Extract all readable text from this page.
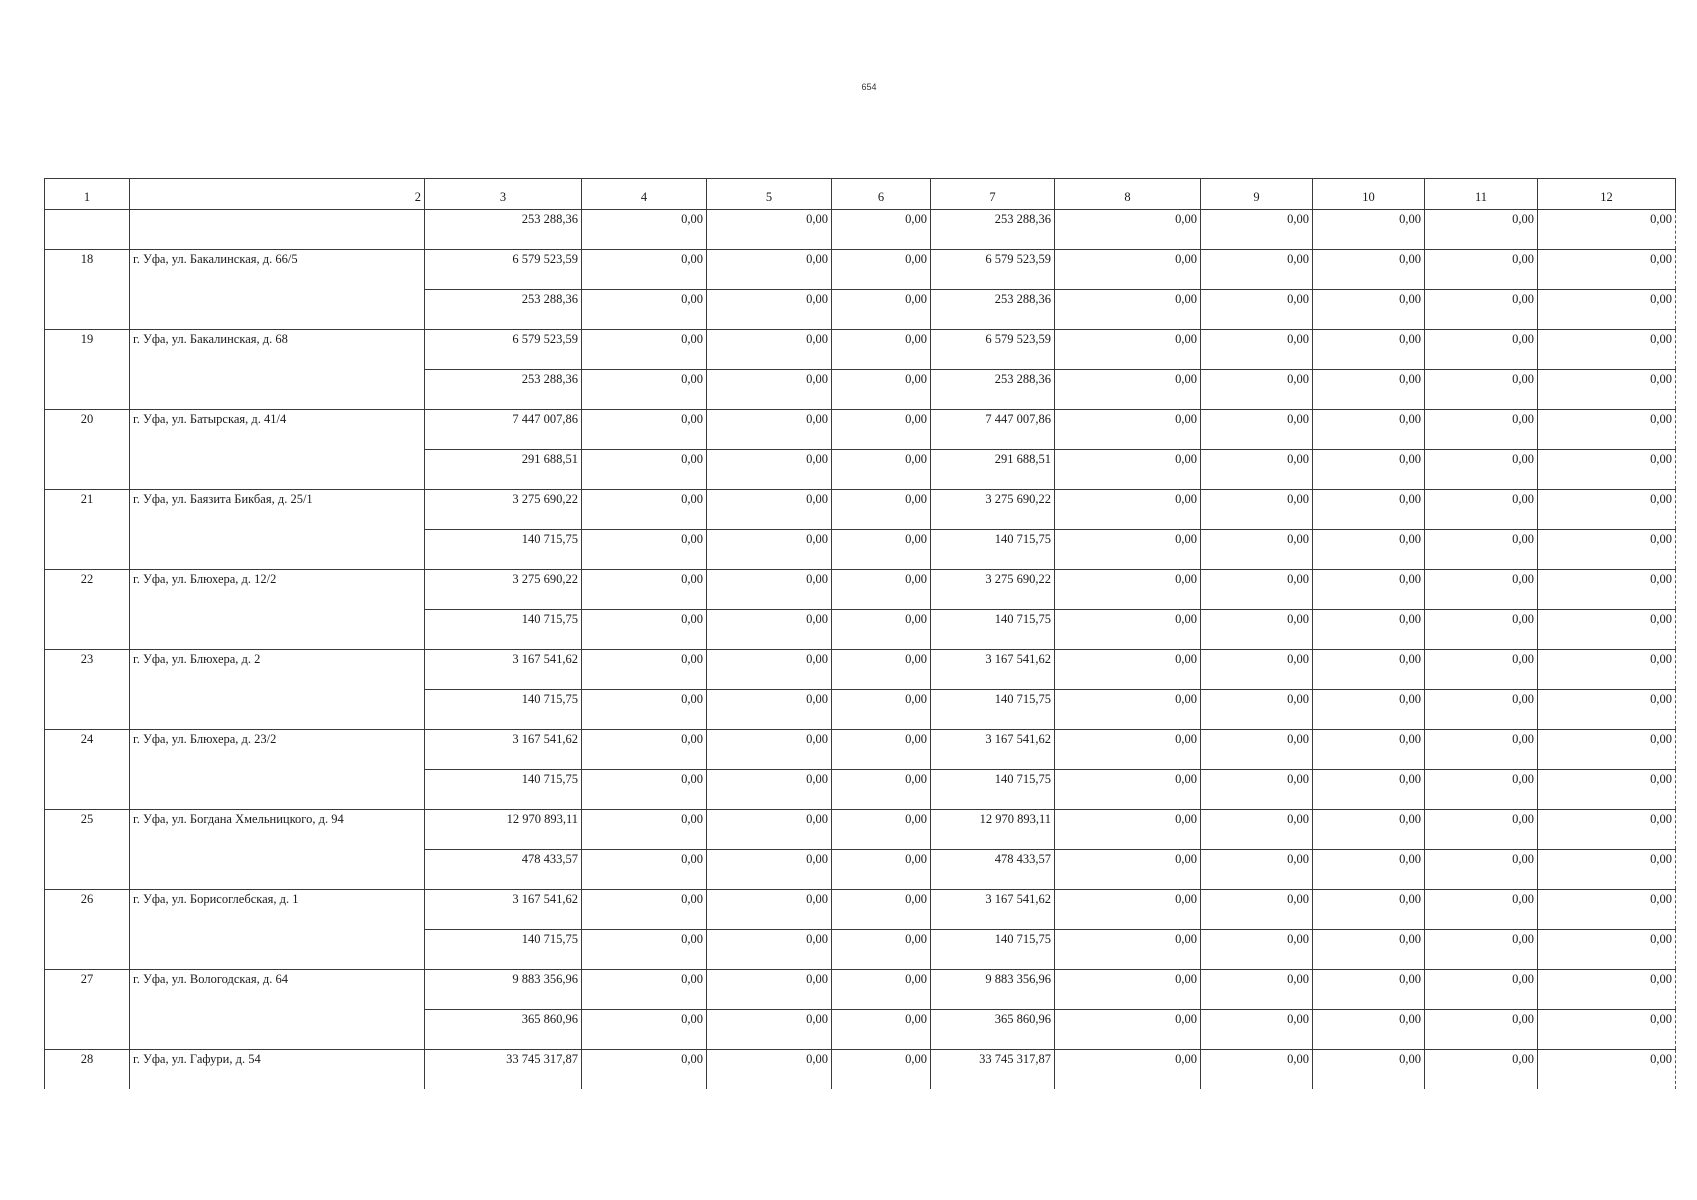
654
1	2	3	4	5	6	7	8	9	10	11	12
		253 288,36	0,00	0,00	0,00	253 288,36	0,00	0,00	0,00	0,00	0,00
18	г. Уфа, ул. Бакалинская, д. 66/5	6 579 523,59	0,00	0,00	0,00	6 579 523,59	0,00	0,00	0,00	0,00	0,00
		253 288,36	0,00	0,00	0,00	253 288,36	0,00	0,00	0,00	0,00	0,00
19	г. Уфа, ул. Бакалинская, д. 68	6 579 523,59	0,00	0,00	0,00	6 579 523,59	0,00	0,00	0,00	0,00	0,00
		253 288,36	0,00	0,00	0,00	253 288,36	0,00	0,00	0,00	0,00	0,00
20	г. Уфа, ул. Батырская, д. 41/4	7 447 007,86	0,00	0,00	0,00	7 447 007,86	0,00	0,00	0,00	0,00	0,00
		291 688,51	0,00	0,00	0,00	291 688,51	0,00	0,00	0,00	0,00	0,00
21	г. Уфа, ул. Баязита Бикбая, д. 25/1	3 275 690,22	0,00	0,00	0,00	3 275 690,22	0,00	0,00	0,00	0,00	0,00
		140 715,75	0,00	0,00	0,00	140 715,75	0,00	0,00	0,00	0,00	0,00
22	г. Уфа, ул. Блюхера, д. 12/2	3 275 690,22	0,00	0,00	0,00	3 275 690,22	0,00	0,00	0,00	0,00	0,00
		140 715,75	0,00	0,00	0,00	140 715,75	0,00	0,00	0,00	0,00	0,00
23	г. Уфа, ул. Блюхера, д. 2	3 167 541,62	0,00	0,00	0,00	3 167 541,62	0,00	0,00	0,00	0,00	0,00
		140 715,75	0,00	0,00	0,00	140 715,75	0,00	0,00	0,00	0,00	0,00
24	г. Уфа, ул. Блюхера, д. 23/2	3 167 541,62	0,00	0,00	0,00	3 167 541,62	0,00	0,00	0,00	0,00	0,00
		140 715,75	0,00	0,00	0,00	140 715,75	0,00	0,00	0,00	0,00	0,00
25	г. Уфа, ул. Богдана Хмельницкого, д. 94	12 970 893,11	0,00	0,00	0,00	12 970 893,11	0,00	0,00	0,00	0,00	0,00
		478 433,57	0,00	0,00	0,00	478 433,57	0,00	0,00	0,00	0,00	0,00
26	г. Уфа, ул. Борисоглебская, д. 1	3 167 541,62	0,00	0,00	0,00	3 167 541,62	0,00	0,00	0,00	0,00	0,00
		140 715,75	0,00	0,00	0,00	140 715,75	0,00	0,00	0,00	0,00	0,00
27	г. Уфа, ул. Вологодская, д. 64	9 883 356,96	0,00	0,00	0,00	9 883 356,96	0,00	0,00	0,00	0,00	0,00
		365 860,96	0,00	0,00	0,00	365 860,96	0,00	0,00	0,00	0,00	0,00
28	г. Уфа, ул. Гафури, д. 54	33 745 317,87	0,00	0,00	0,00	33 745 317,87	0,00	0,00	0,00	0,00	0,00
